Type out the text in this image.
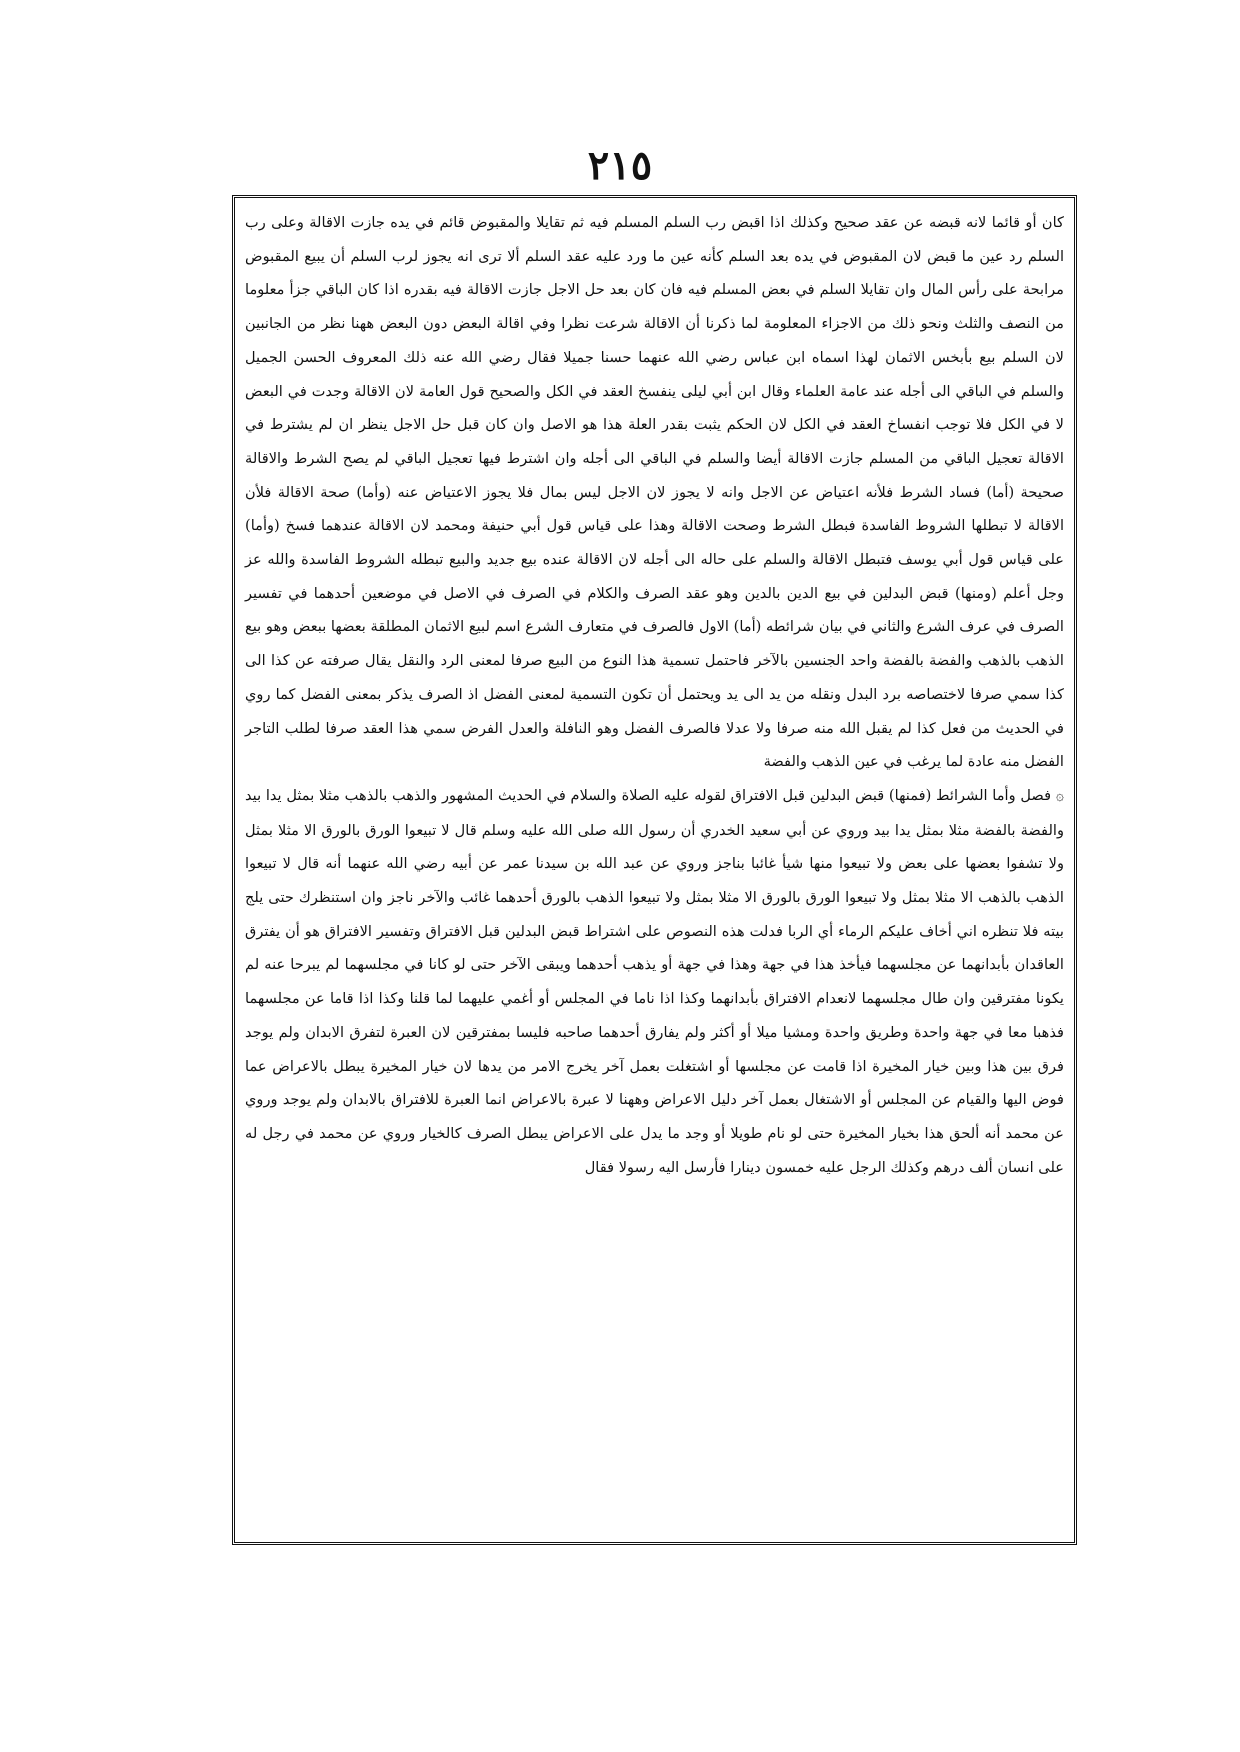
٢١٥

كان أو قائما لانه قبضه عن عقد صحيح وكذلك اذا اقبض رب السلم المسلم فيه ثم تقايلا والمقبوض قائم في يده جازت الاقالة وعلى رب السلم رد عين ما قبض لان المقبوض في يده بعد السلم كأنه عين ما ورد عليه عقد السلم ألا ترى انه يجوز لرب السلم أن يبيع المقبوض مرابحة على رأس المال وان تقايلا السلم في بعض المسلم فيه فان كان بعد حل الاجل جازت الاقالة فيه بقدره اذا كان الباقي جزأ معلوما من النصف والثلث ونحو ذلك من الاجزاء المعلومة لما ذكرنا أن الاقالة شرعت نظرا وفي اقالة البعض دون البعض ههنا نظر من الجانبين لان السلم بيع بأبخس الاثمان لهذا اسماه ابن عباس رضي الله عنهما حسنا جميلا فقال رضي الله عنه ذلك المعروف الحسن الجميل والسلم في الباقي الى أجله عند عامة العلماء وقال ابن أبي ليلى ينفسخ العقد في الكل والصحيح قول العامة لان الاقالة وجدت في البعض لا في الكل فلا توجب انفساخ العقد في الكل لان الحكم يثبت بقدر العلة هذا هو الاصل وان كان قبل حل الاجل ينظر ان لم يشترط في الاقالة تعجيل الباقي من المسلم جازت الاقالة أيضا والسلم في الباقي الى أجله وان اشترط فيها تعجيل الباقي لم يصح الشرط والاقالة صحيحة (أما) فساد الشرط فلأنه اعتياض عن الاجل وانه لا يجوز لان الاجل ليس بمال فلا يجوز الاعتياض عنه (وأما) صحة الاقالة فلأن الاقالة لا تبطلها الشروط الفاسدة فبطل الشرط وصحت الاقالة وهذا على قياس قول أبي حنيفة ومحمد لان الاقالة عندهما فسخ (وأما) على قياس قول أبي يوسف فتبطل الاقالة والسلم على حاله الى أجله لان الاقالة عنده بيع جديد والبيع تبطله الشروط الفاسدة والله عز وجل أعلم (ومنها) قبض البدلين في بيع الدين بالدين وهو عقد الصرف والكلام في الصرف في الاصل في موضعين أحدهما في تفسير الصرف في عرف الشرع والثاني في بيان شرائطه (أما) الاول فالصرف في متعارف الشرع اسم لبيع الاثمان المطلقة بعضها ببعض وهو بيع الذهب بالذهب والفضة بالفضة واحد الجنسين بالآخر فاحتمل تسمية هذا النوع من البيع صرفا لمعنى الرد والنقل يقال صرفته عن كذا الى كذا سمي صرفا لاختصاصه برد البدل ونقله من يد الى يد ويحتمل أن تكون التسمية لمعنى الفضل اذ الصرف يذكر بمعنى الفضل كما روي في الحديث من فعل كذا لم يقبل الله منه صرفا ولا عدلا فالصرف الفضل وهو النافلة والعدل الفرض سمي هذا العقد صرفا لطلب التاجر الفضل منه عادة لما يرغب في عين الذهب والفضة

۞ فصل وأما الشرائط (فمنها) قبض البدلين قبل الافتراق لقوله عليه الصلاة والسلام في الحديث المشهور والذهب بالذهب مثلا بمثل يدا بيد والفضة بالفضة مثلا بمثل يدا بيد وروي عن أبي سعيد الخدري أن رسول الله صلى الله عليه وسلم قال لا تبيعوا الورق بالورق الا مثلا بمثل ولا تشفوا بعضها على بعض ولا تبيعوا منها شيأ غائبا بناجز وروي عن عبد الله بن سيدنا عمر عن أبيه رضي الله عنهما أنه قال لا تبيعوا الذهب بالذهب الا مثلا بمثل ولا تبيعوا الورق بالورق الا مثلا بمثل ولا تبيعوا الذهب بالورق أحدهما غائب والآخر ناجز وان استنظرك حتى يلج بيته فلا تنظره اني أخاف عليكم الرماء أي الربا فدلت هذه النصوص على اشتراط قبض البدلين قبل الافتراق وتفسير الافتراق هو أن يفترق العاقدان بأبدانهما عن مجلسهما فيأخذ هذا في جهة وهذا في جهة أو يذهب أحدهما ويبقى الآخر حتى لو كانا في مجلسهما لم يبرحا عنه لم يكونا مفترقين وان طال مجلسهما لانعدام الافتراق بأبدانهما وكذا اذا ناما في المجلس أو أغمي عليهما لما قلنا وكذا اذا قاما عن مجلسهما فذهبا معا في جهة واحدة وطريق واحدة ومشيا ميلا أو أكثر ولم يفارق أحدهما صاحبه فليسا بمفترقين لان العبرة لتفرق الابدان ولم يوجد فرق بين هذا وبين خيار المخيرة اذا قامت عن مجلسها أو اشتغلت بعمل آخر يخرج الامر من يدها لان خيار المخيرة يبطل بالاعراض عما فوض اليها والقيام عن المجلس أو الاشتغال بعمل آخر دليل الاعراض وههنا لا عبرة بالاعراض انما العبرة للافتراق بالابدان ولم يوجد وروي عن محمد أنه ألحق هذا بخيار المخيرة حتى لو نام طويلا أو وجد ما يدل على الاعراض يبطل الصرف كالخيار وروي عن محمد في رجل له على انسان ألف درهم وكذلك الرجل عليه خمسون دينارا فأرسل اليه رسولا فقال
